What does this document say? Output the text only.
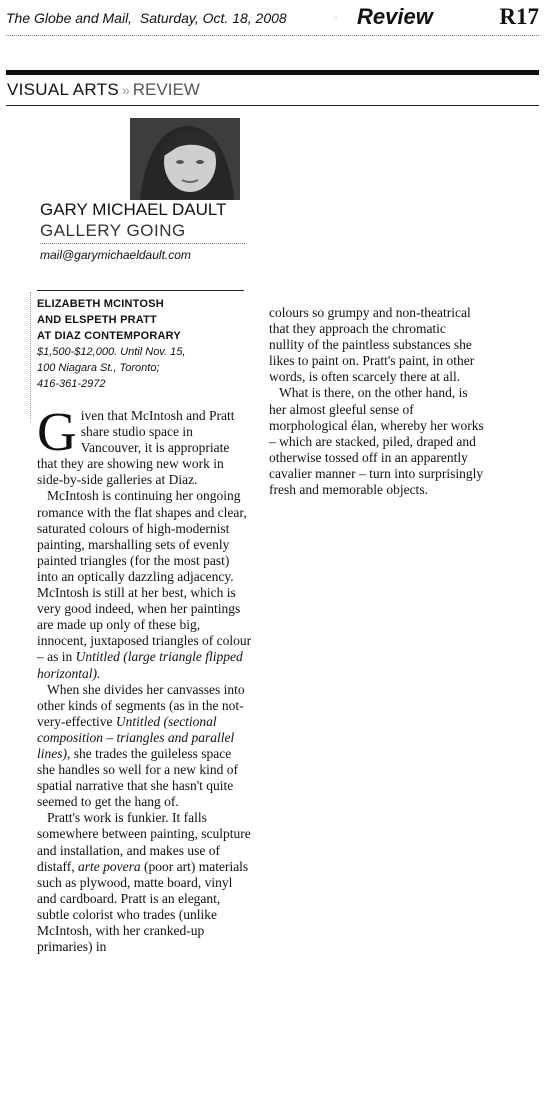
The Globe and Mail, Saturday, Oct. 18, 2008	◦ Review	R17
VISUAL ARTS » REVIEW
GARY MICHAEL DAULT
GALLERY GOING
mail@garymichaeldault.com
ELIZABETH MCINTOSH
AND ELSPETH PRATT
AT DIAZ CONTEMPORARY
$1,500-$12,000. Until Nov. 15,
100 Niagara St., Toronto;
416-361-2972

Given that McIntosh and Pratt share studio space in Vancouver, it is appropriate that they are showing new work in side-by-side galleries at Diaz.

McIntosh is continuing her ongoing romance with the flat shapes and clear, saturated colours of high-modernist painting, marshalling sets of evenly painted triangles (for the most past) into an optically dazzling adjacency. McIntosh is still at her best, which is very good indeed, when her paintings are made up only of these big, innocent, juxtaposed triangles of colour – as in Untitled (large triangle flipped horizontal).

When she divides her canvasses into other kinds of segments (as in the not-very-effective Untitled (sectional composition – triangles and parallel lines), she trades the guileless space she handles so well for a new kind of spatial narrative that she hasn't quite seemed to get the hang of.

Pratt's work is funkier. It falls somewhere between painting, sculpture and installation, and makes use of distaff, arte povera (poor art) materials such as plywood, matte board, vinyl and cardboard. Pratt is an elegant, subtle colorist who trades (unlike McIntosh, with her cranked-up primaries) in

colours so grumpy and non-theatrical that they approach the chromatic nullity of the paintless substances she likes to paint on. Pratt's paint, in other words, is often scarcely there at all.

What is there, on the other hand, is her almost gleeful sense of morphological élan, whereby her works – which are stacked, piled, draped and otherwise tossed off in an apparently cavalier manner – turn into surprisingly fresh and memorable objects.
